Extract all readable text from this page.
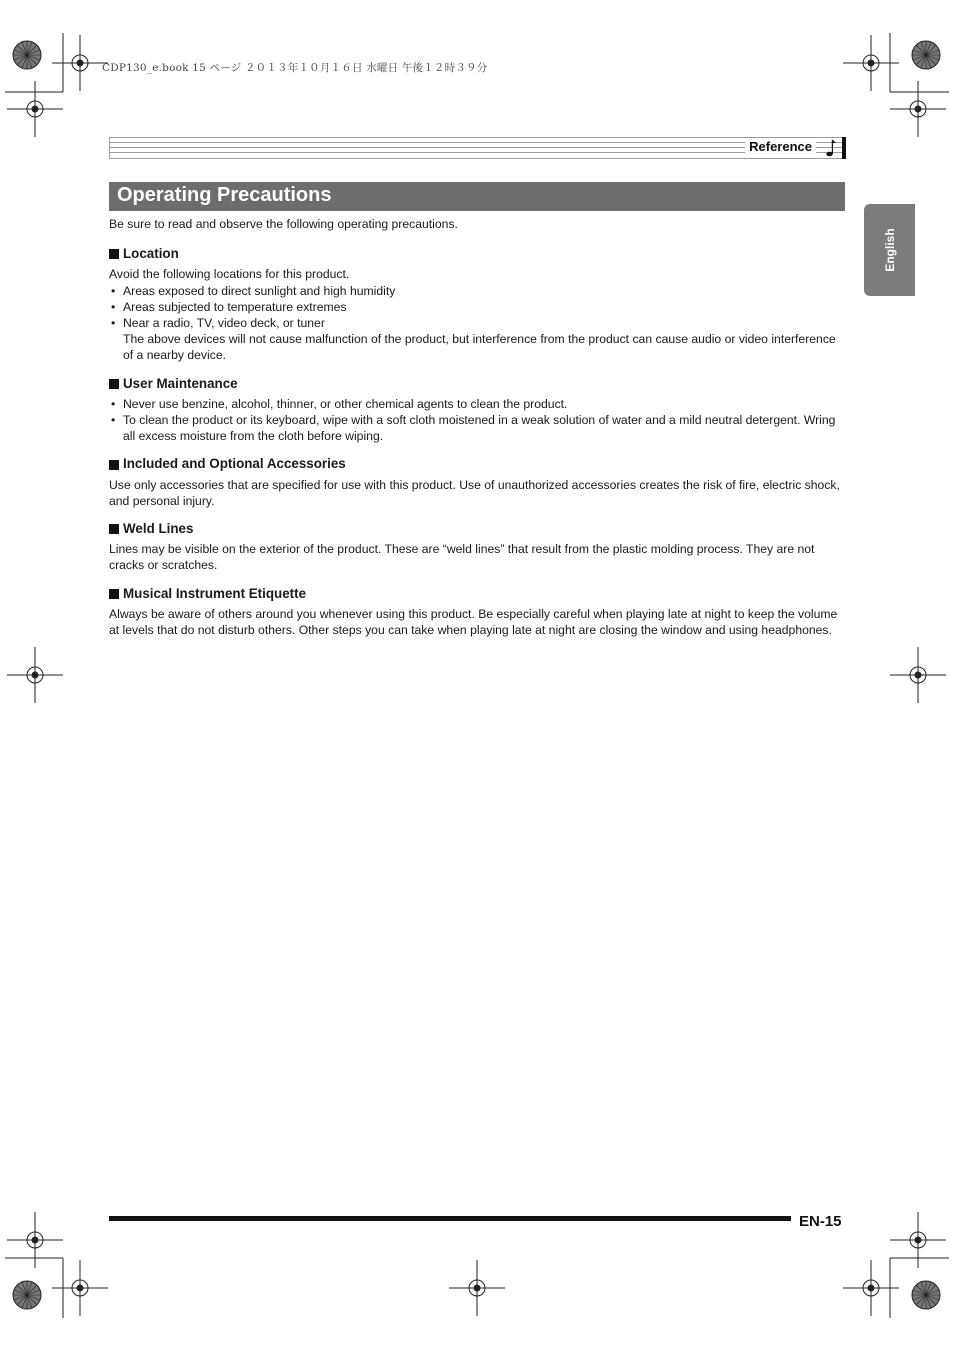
CDP130_e.book 15 ページ ２０１３年１０月１６日 水曜日 午後１２時３９分
Reference
Operating Precautions
English

Be sure to read and observe the following operating precautions.

Location

Avoid the following locations for this product.

• Areas exposed to direct sunlight and high humidity
• Areas subjected to temperature extremes
• Near a radio, TV, video deck, or tuner

The above devices will not cause malfunction of the product, but interference from the product can cause audio or video interference of a nearby device.

User Maintenance
• Never use benzine, alcohol, thinner, or other chemical agents to clean the product.
• To clean the product or its keyboard, wipe with a soft cloth moistened in a weak solution of water and a mild neutral detergent. Wring all excess moisture from the cloth before wiping.
Included and Optional Accessories

Use only accessories that are specified for use with this product. Use of unauthorized accessories creates the risk of fire, electric shock, and personal injury.

Weld Lines

Lines may be visible on the exterior of the product. These are “weld lines” that result from the plastic molding process. They are not cracks or scratches.

Musical Instrument Etiquette

Always be aware of others around you whenever using this product. Be especially careful when playing late at night to keep the volume at levels that do not disturb others. Other steps you can take when playing late at night are closing the window and using headphones.

EN-15
